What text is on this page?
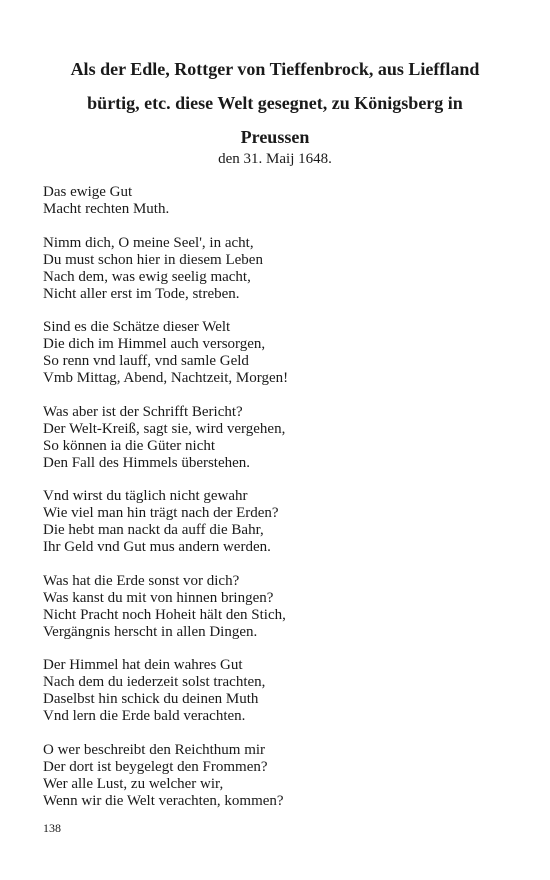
Als der Edle, Rottger von Tieffenbrock, aus Lieffland
bürtig, etc. diese Welt gesegnet, zu Königsberg in
Preussen
den 31. Maij 1648.
Das ewige Gut
Macht rechten Muth.
Nimm dich, O meine Seel', in acht,
Du must schon hier in diesem Leben
Nach dem, was ewig seelig macht,
Nicht aller erst im Tode, streben.
Sind es die Schätze dieser Welt
Die dich im Himmel auch versorgen,
So renn vnd lauff, vnd samle Geld
Vmb Mittag, Abend, Nachtzeit, Morgen!
Was aber ist der Schrifft Bericht?
Der Welt-Kreiß, sagt sie, wird vergehen,
So können ia die Güter nicht
Den Fall des Himmels überstehen.
Vnd wirst du täglich nicht gewahr
Wie viel man hin trägt nach der Erden?
Die hebt man nackt da auff die Bahr,
Ihr Geld vnd Gut mus andern werden.
Was hat die Erde sonst vor dich?
Was kanst du mit von hinnen bringen?
Nicht Pracht noch Hoheit hält den Stich,
Vergängnis herscht in allen Dingen.
Der Himmel hat dein wahres Gut
Nach dem du iederzeit solst trachten,
Daselbst hin schick du deinen Muth
Vnd lern die Erde bald verachten.
O wer beschreibt den Reichthum mir
Der dort ist beygelegt den Frommen?
Wer alle Lust, zu welcher wir,
Wenn wir die Welt verachten, kommen?
138
